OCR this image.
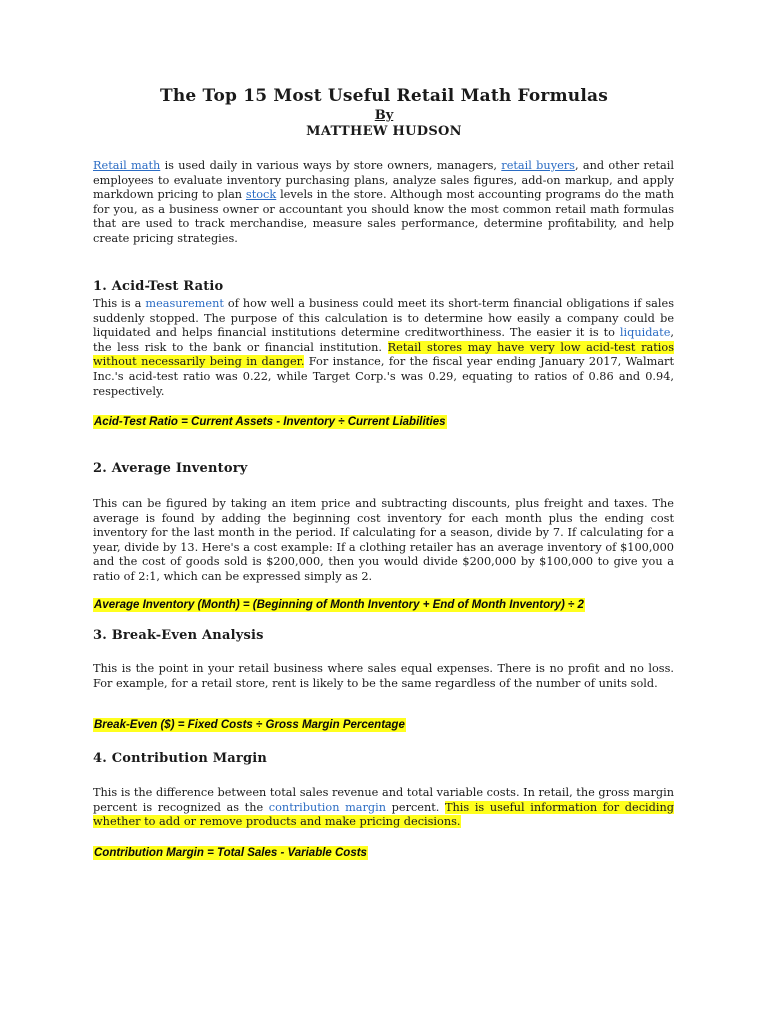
The Top 15 Most Useful Retail Math Formulas
By
MATTHEW HUDSON
Retail math is used daily in various ways by store owners, managers, retail buyers, and other retail employees to evaluate inventory purchasing plans, analyze sales figures, add-on markup, and apply markdown pricing to plan stock levels in the store. Although most accounting programs do the math for you, as a business owner or accountant you should know the most common retail math formulas that are used to track merchandise, measure sales performance, determine profitability, and help create pricing strategies.
1. Acid-Test Ratio
This is a measurement of how well a business could meet its short-term financial obligations if sales suddenly stopped. The purpose of this calculation is to determine how easily a company could be liquidated and helps financial institutions determine creditworthiness. The easier it is to liquidate, the less risk to the bank or financial institution. Retail stores may have very low acid-test ratios without necessarily being in danger. For instance, for the fiscal year ending January 2017, Walmart Inc.'s acid-test ratio was 0.22, while Target Corp.'s was 0.29, equating to ratios of 0.86 and 0.94, respectively.
Acid-Test Ratio = Current Assets - Inventory ÷ Current Liabilities
2. Average Inventory
This can be figured by taking an item price and subtracting discounts, plus freight and taxes. The average is found by adding the beginning cost inventory for each month plus the ending cost inventory for the last month in the period. If calculating for a season, divide by 7. If calculating for a year, divide by 13. Here's a cost example: If a clothing retailer has an average inventory of $100,000 and the cost of goods sold is $200,000, then you would divide $200,000 by $100,000 to give you a ratio of 2:1, which can be expressed simply as 2.
Average Inventory (Month) = (Beginning of Month Inventory + End of Month Inventory) ÷ 2
3. Break-Even Analysis
This is the point in your retail business where sales equal expenses. There is no profit and no loss. For example, for a retail store, rent is likely to be the same regardless of the number of units sold.
Break-Even ($) = Fixed Costs ÷ Gross Margin Percentage
4. Contribution Margin
This is the difference between total sales revenue and total variable costs. In retail, the gross margin percent is recognized as the contribution margin percent. This is useful information for deciding whether to add or remove products and make pricing decisions.
Contribution Margin = Total Sales - Variable Costs
